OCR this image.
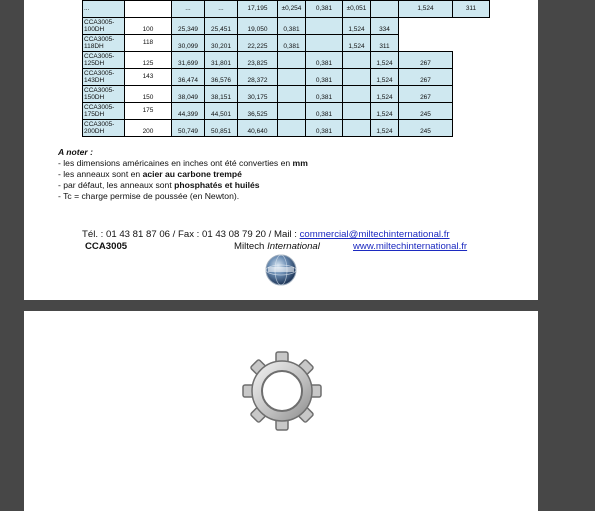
...		...	...	17,195	±0,254	0,381	±0,051		1,524	311
CCA3005-
100DH	100	25,349	25,451	19,050	0,381		1,524	334		
CCA3005-
118DH	118	30,099	30,201	22,225	0,381		1,524	311		
CCA3005-
125DH	125	31,699	31,801	23,825		0,381		1,524	267	
CCA3005-
143DH	143	36,474	36,576	28,372		0,381		1,524	267	
CCA3005-
150DH	150	38,049	38,151	30,175		0,381		1,524	267	
CCA3005-
175DH	175	44,399	44,501	36,525		0,381		1,524	245	
CCA3005-
200DH	200	50,749	50,851	40,640		0,381		1,524	245	
A noter :
- les dimensions américaines en inches ont été converties en mm
- les anneaux sont en acier au carbone trempé
- par défaut, les anneaux sont phosphatés et huilés
- Tc = charge permise de poussée (en Newton).
Tél. : 01 43 81 87 06 / Fax : 01 43 08 79 20 / Mail : commercial@miltechinternational.fr
CCA3005	Miltech International	www.miltechinternational.fr
